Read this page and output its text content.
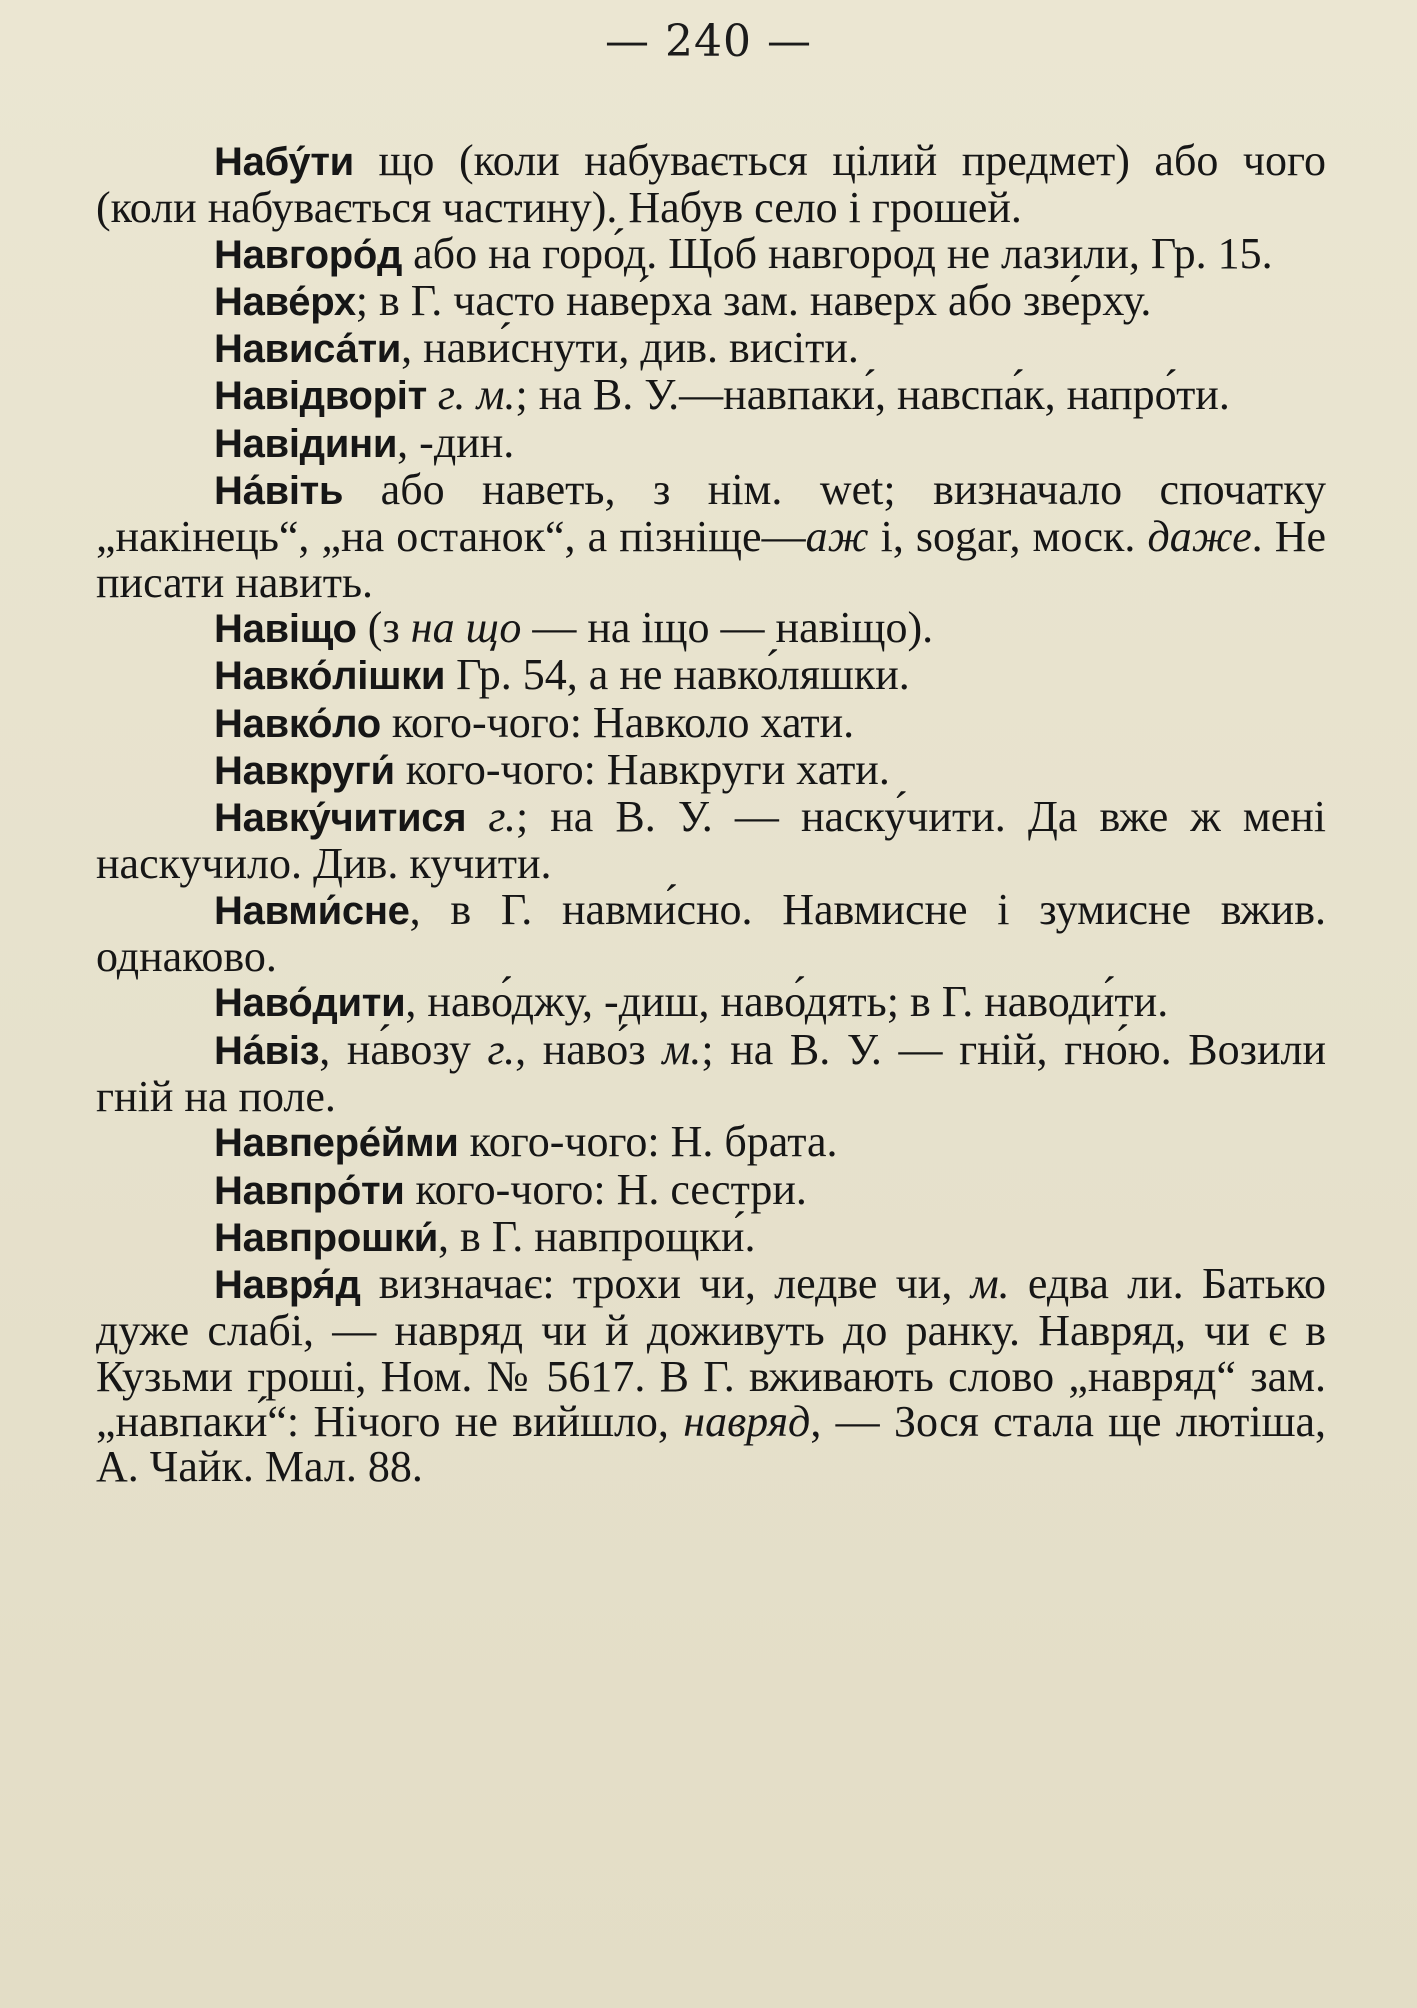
— 240 —

Набу́ти що (коли набувається цілий предмет) або чого (коли набувається частину). Набув село і грошей.

Навгоро́д або на горо́д. Щоб навгород не лазили, Гр. 15.

Наве́рх; в Г. часто наве́рха зам. наверх або зве́рху.

Нависа́ти, нави́снути, див. висіти.

Навідворіт г. м.; на В. У.—навпаки́, навспа́к, напро́ти.

Навідини, -дин.

На́віть або наветь, з нім. wet; визначало спочатку „накінець“, „на останок“, а пізніще—аж і, sogar, моск. даже. Не писати навить.

Навіщо (з на що — на іщо — навіщо).

Навко́лішки Гр. 54, а не навко́ляшки.

Навко́ло кого-чого: Навколо хати.

Навкруги́ кого-чого: Навкруги хати.

Навку́читися г.; на В. У. — наску́чити. Да вже ж мені наскучило. Див. кучити.

Навми́сне, в Г. навми́сно. Навмисне і зумисне вжив. однаково.

Наво́дити, наво́джу, -диш, наво́дять; в Г. наводи́ти.

На́віз, на́возу г., наво́з м.; на В. У. — гній, гно́ю. Возили гній на поле.

Навпере́йми кого-чого: Н. брата.

Навпро́ти кого-чого: Н. сестри.

Навпрошки́, в Г. навпрощки́.

Навря́д визначає: трохи чи, ледве чи, м. едва ли. Батько дуже слабі, — навряд чи й доживуть до ранку. Навряд, чи є в Кузьми гроші, Ном. № 5617. В Г. вживають слово „навряд“ зам. „навпаки́“: Нічого не вийшло, навряд, — Зося стала ще лютіша, А. Чайк. Мал. 88.
